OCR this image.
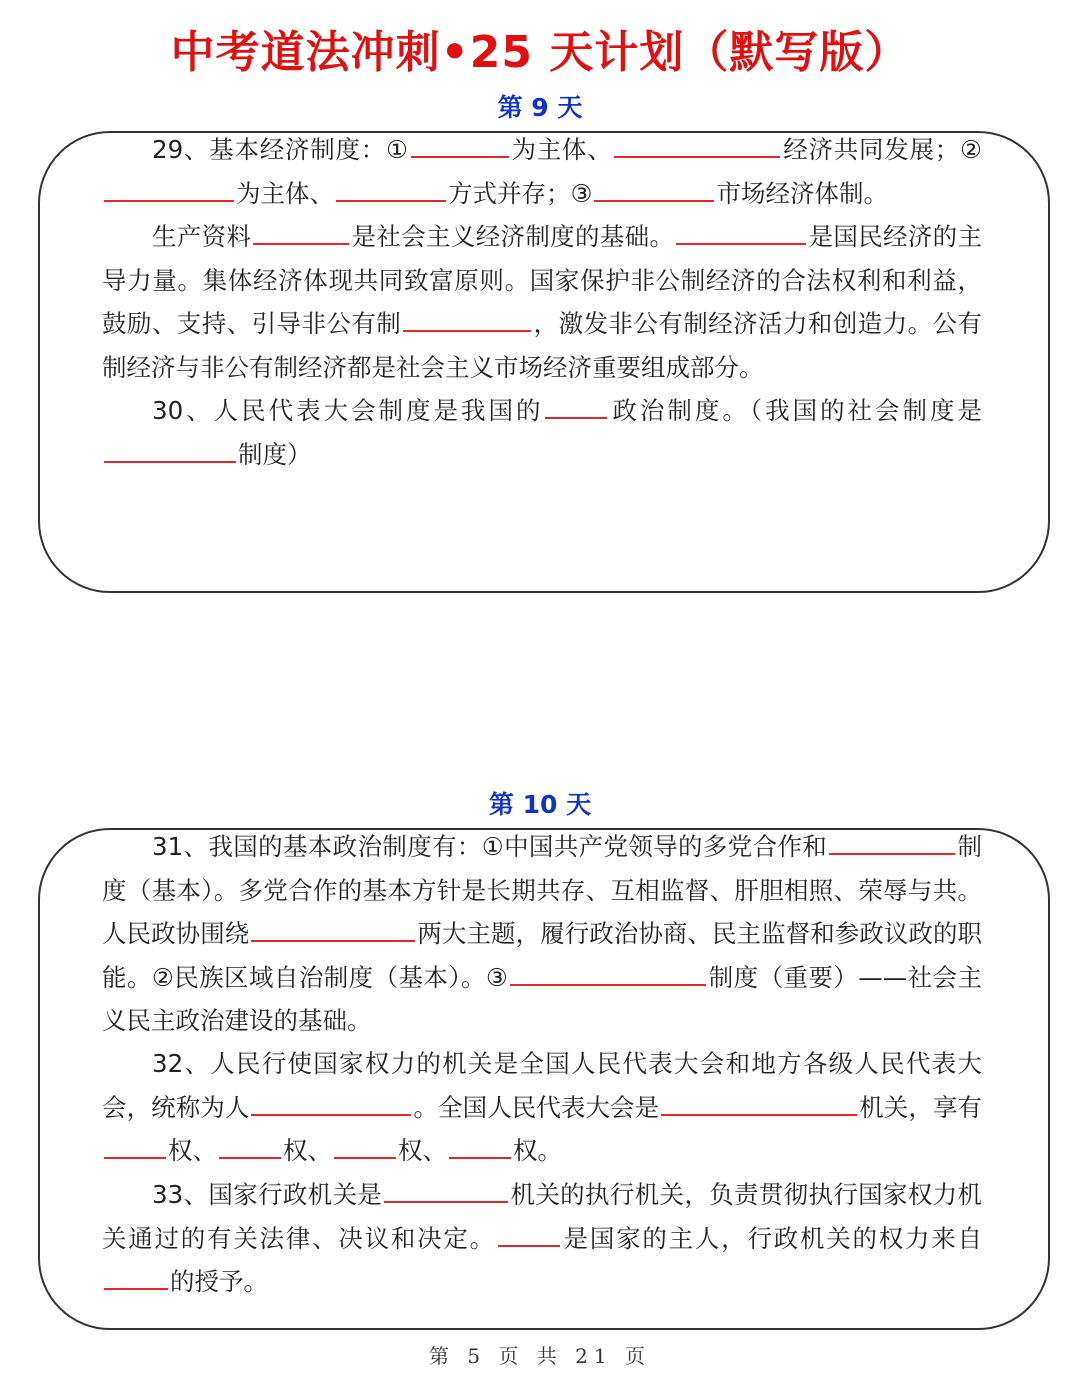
中考道法冲刺•25 天计划（默写版）
第 9 天

29、基本经济制度：①	为主体、	经济共同发展；②为主体、	方式并存；③	市场经济体制。

生产资料	是社会主义经济制度的基础。	是国民经济的主导力量。集体经济体现共同致富原则。国家保护非公制经济的合法权利和利益，鼓励、支持、引导非公有制	，激发非公有制经济活力和创造力。公有制经济与非公有制经济都是社会主义市场经济重要组成部分。

30、人民代表大会制度是我国的	政治制度。（我国的社会制度是制度）

第 10 天

31、我国的基本政治制度有：①中国共产党领导的多党合作和	制度（基本）。多党合作的基本方针是长期共存、互相监督、肝胆相照、荣辱与共。人民政协围绕	两大主题，履行政治协商、民主监督和参政议政的职能。②民族区域自治制度（基本）。③	制度（重要）——社会主义民主政治建设的基础。

32、人民行使国家权力的机关是全国人民代表大会和地方各级人民代表大会，统称为人	。全国人民代表大会是	机关，享有权、	权、	权、	权。

33、国家行政机关是	机关的执行机关，负责贯彻执行国家权力机关通过的有关法律、决议和决定。	是国家的主人，行政机关的权力来自的授予。

第 5 页 共 21 页
